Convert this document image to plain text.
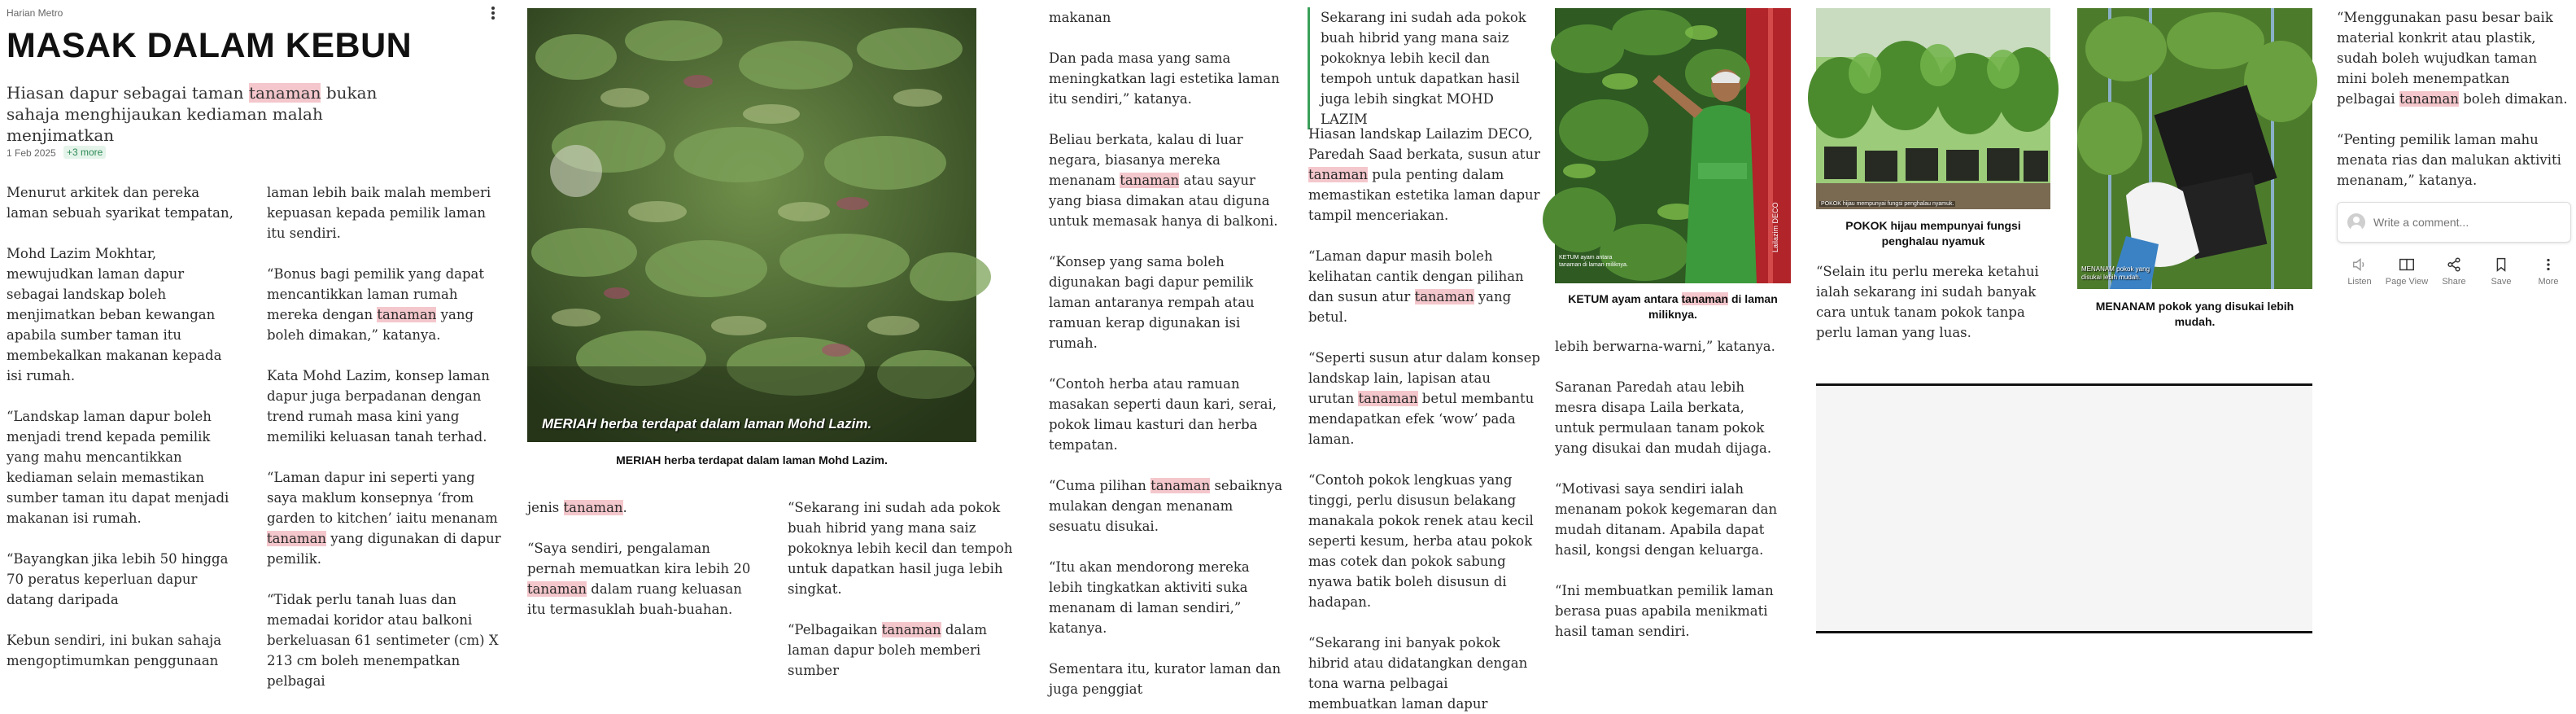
Harian Metro
MASAK DALAM KEBUN
Hiasan dapur sebagai taman tanaman bukan sahaja menghijaukan kediaman malah menjimatkan
1 Feb 2025	+3 more

Menurut arkitek dan pereka laman sebuah syarikat tempatan,

Mohd Lazim Mokhtar, mewujudkan laman dapur sebagai landskap boleh menjimatkan beban kewangan apabila sumber taman itu membekalkan makanan kepada isi rumah.

“Landskap laman dapur boleh menjadi trend kepada pemilik yang mahu mencantikkan kediaman selain memastikan sumber taman itu dapat menjadi makanan isi rumah.

“Bayangkan jika lebih 50 hingga 70 peratus keperluan dapur datang daripada

Kebun sendiri, ini bukan sahaja mengoptimumkan penggunaan

laman lebih baik malah memberi kepuasan kepada pemilik laman itu sendiri.

“Bonus bagi pemilik yang dapat mencantikkan laman rumah mereka dengan tanaman yang boleh dimakan,” katanya.

Kata Mohd Lazim, konsep laman dapur juga berpadanan dengan trend rumah masa kini yang memiliki keluasan tanah terhad.

“Laman dapur ini seperti yang saya maklum konsepnya ‘from garden to kitchen’ iaitu menanam tanaman yang digunakan di dapur pemilik.

“Tidak perlu tanah luas dan memadai koridor atau balkoni berkeluasan 61 sentimeter (cm) X 213 cm boleh menempatkan pelbagai

MERIAH herba terdapat dalam laman Mohd Lazim.
MERIAH herba terdapat dalam laman Mohd Lazim.

jenis tanaman.

“Saya sendiri, pengalaman pernah memuatkan kira lebih 20 tanaman dalam ruang keluasan itu termasuklah buah-buahan.

“Sekarang ini sudah ada pokok buah hibrid yang mana saiz pokoknya lebih kecil dan tempoh untuk dapatkan hasil juga lebih singkat.

“Pelbagaikan tanaman dalam laman dapur boleh memberi sumber

makanan

Dan pada masa yang sama meningkatkan lagi estetika laman itu sendiri,” katanya.

Beliau berkata, kalau di luar negara, biasanya mereka menanam tanaman atau sayur yang biasa dimakan atau diguna untuk memasak hanya di balkoni.

“Konsep yang sama boleh digunakan bagi dapur pemilik laman antaranya rempah atau ramuan kerap digunakan isi rumah.

“Contoh herba atau ramuan masakan seperti daun kari, serai, pokok limau kasturi dan herba tempatan.

“Cuma pilihan tanaman sebaiknya mulakan dengan menanam sesuatu disukai.

“Itu akan mendorong mereka lebih tingkatkan aktiviti suka menanam di laman sendiri,” katanya.

Sementara itu, kurator laman dan juga penggiat

Sekarang ini sudah ada pokok buah hibrid yang mana saiz pokoknya lebih kecil dan tempoh untuk dapatkan hasil juga lebih singkat MOHD LAZIM

Hiasan landskap Lailazim DECO, Paredah Saad berkata, susun atur tanaman pula penting dalam memastikan estetika laman dapur tampil menceriakan.

“Laman dapur masih boleh kelihatan cantik dengan pilihan dan susun atur tanaman yang betul.

“Seperti susun atur dalam konsep landskap lain, lapisan atau urutan tanaman betul membantu mendapatkan efek ‘wow’ pada laman.

“Contoh pokok lengkuas yang tinggi, perlu disusun belakang manakala pokok renek atau kecil seperti kesum, herba atau pokok mas cotek dan pokok sabung nyawa batik boleh disusun di hadapan.

“Sekarang ini banyak pokok hibrid atau didatangkan dengan tona warna pelbagai membuatkan laman dapur

KETUM ayam antara tanaman di laman miliknya.
Lailazim DECO
KETUM ayam antara tanaman di laman miliknya.

lebih berwarna-warni,” katanya.

Saranan Paredah atau lebih mesra disapa Laila berkata, untuk permulaan tanam pokok yang disukai dan mudah dijaga.

“Motivasi saya sendiri ialah menanam pokok kegemaran dan mudah ditanam. Apabila dapat hasil, kongsi dengan keluarga.

“Ini membuatkan pemilik laman berasa puas apabila menikmati hasil taman sendiri.

POKOK hijau mempunyai fungsi penghalau nyamuk.
POKOK hijau mempunyai fungsi penghalau nyamuk

“Selain itu perlu mereka ketahui ialah sekarang ini sudah banyak cara untuk tanam pokok tanpa perlu laman yang luas.

MENANAM pokok yang disukai lebih mudah.
MENANAM pokok yang disukai lebih mudah.

“Menggunakan pasu besar baik material konkrit atau plastik, sudah boleh wujudkan taman mini boleh menempatkan pelbagai tanaman boleh dimakan.

“Penting pemilik laman mahu menata rias dan malukan aktiviti menanam,” katanya.

Write a comment...
Listen Page View Share	Save	More
